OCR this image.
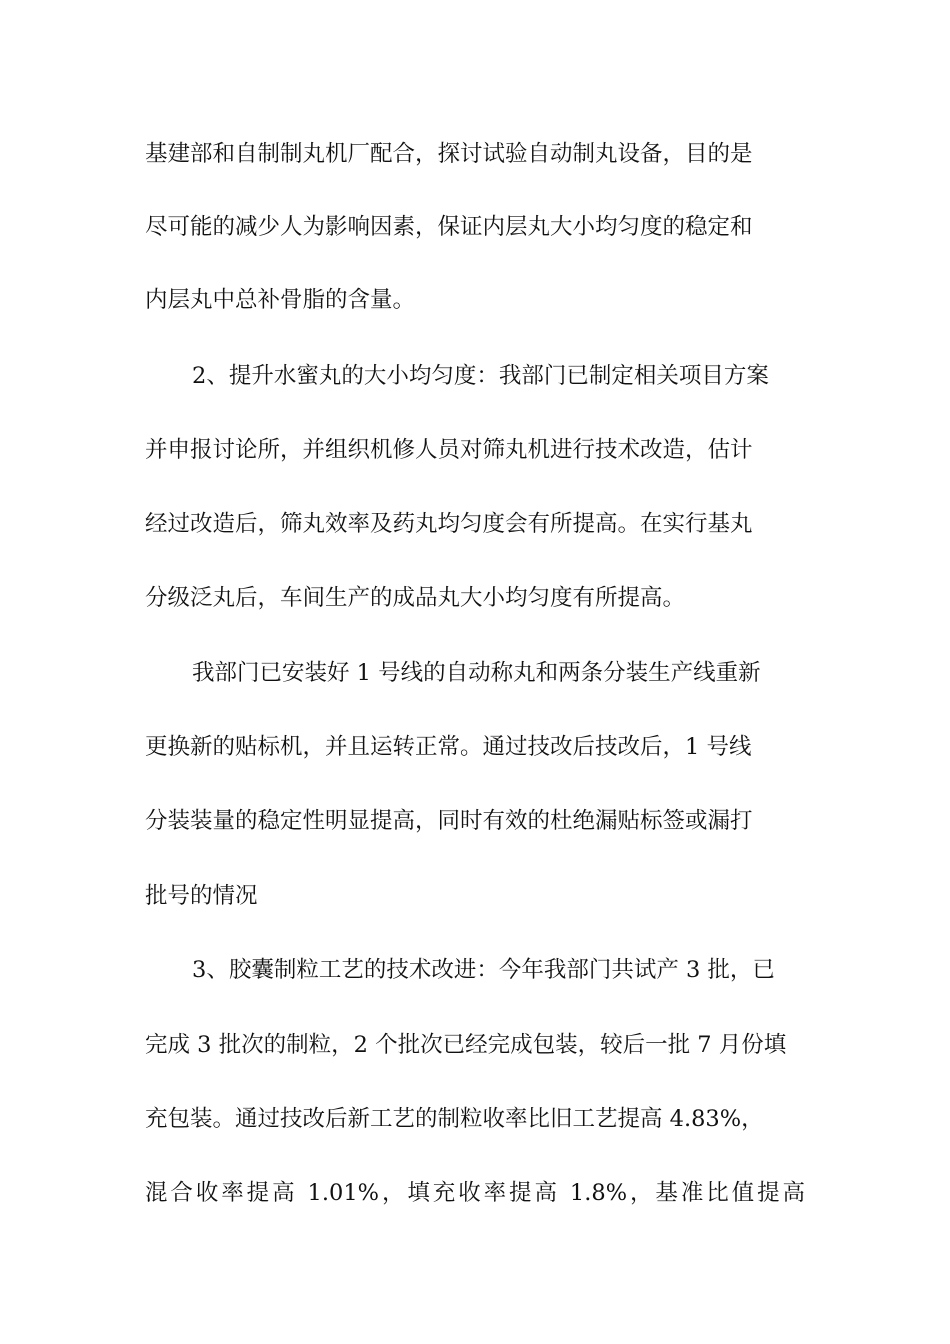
基建部和自制制丸机厂配合，探讨试验自动制丸设备，目的是
尽可能的减少人为影响因素，保证内层丸大小均匀度的稳定和
内层丸中总补骨脂的含量。
2、提升水蜜丸的大小均匀度：我部门已制定相关项目方案
并申报讨论所，并组织机修人员对筛丸机进行技术改造，估计
经过改造后，筛丸效率及药丸均匀度会有所提高。在实行基丸
分级泛丸后，车间生产的成品丸大小均匀度有所提高。
我部门已安装好 1 号线的自动称丸和两条分装生产线重新
更换新的贴标机，并且运转正常。通过技改后技改后，1 号线
分装装量的稳定性明显提高，同时有效的杜绝漏贴标签或漏打
批号的情况
3、胶囊制粒工艺的技术改进：今年我部门共试产 3 批，已
完成 3 批次的制粒，2 个批次已经完成包装，较后一批 7 月份填
充包装。通过技改后新工艺的制粒收率比旧工艺提高 4.83%，
混合收率提高 1.01%，填充收率提高 1.8%，基准比值提高
